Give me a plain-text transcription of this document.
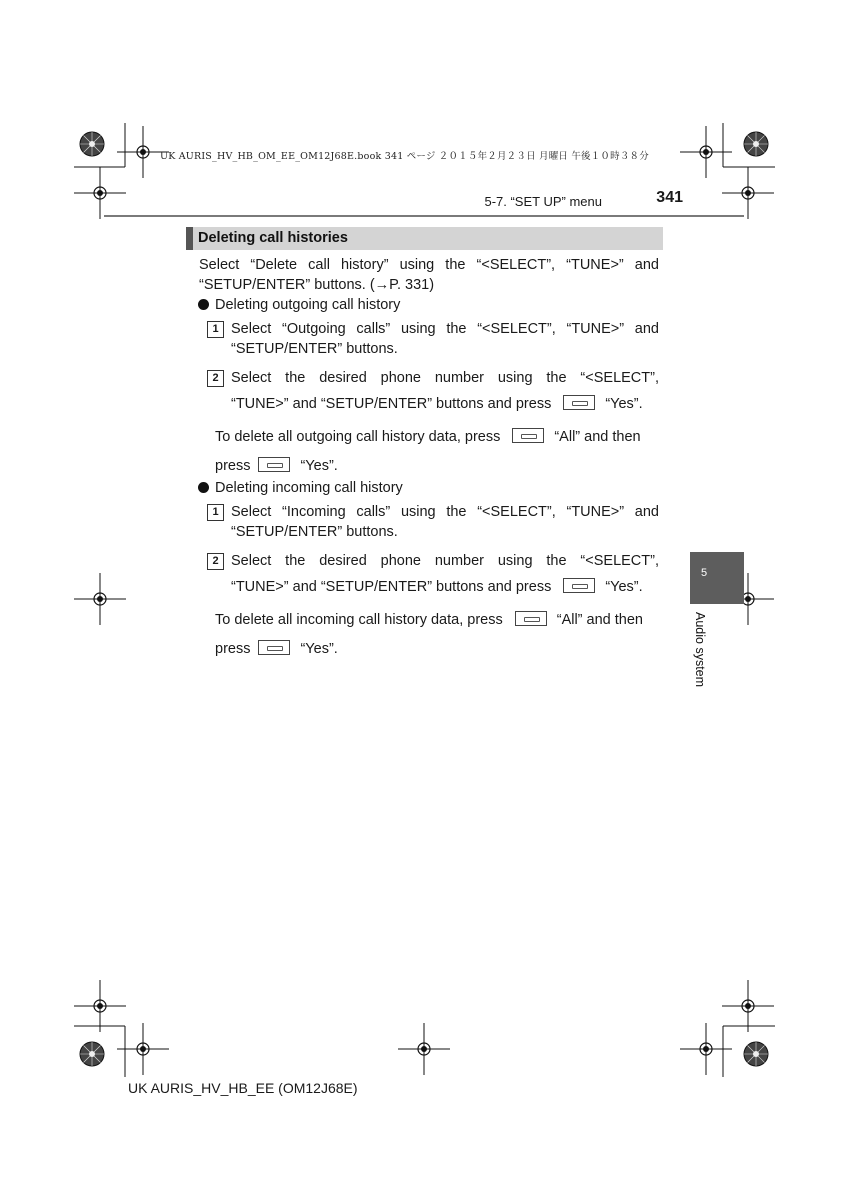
UK AURIS_HV_HB_OM_EE_OM12J68E.book 341 ページ ２０１５年２月２３日 月曜日 午後１０時３８分
5-7. “SET UP” menu	341
Deleting call histories
Select “Delete call history” using the “<SELECT”, “TUNE>” and
“SETUP/ENTER” buttons. (→P. 331)
Deleting outgoing call history
1 Select “Outgoing calls” using the “<SELECT”, “TUNE>” and
“SETUP/ENTER” buttons.
2 Select the desired phone number using the “<SELECT”,
“TUNE>” and “SETUP/ENTER” buttons and press	“Yes”.
To delete all outgoing call history data, press	“All” and then
press	“Yes”.
Deleting incoming call history
1 Select “Incoming calls” using the “<SELECT”, “TUNE>” and
“SETUP/ENTER” buttons.
2 Select the desired phone number using the “<SELECT”,
“TUNE>” and “SETUP/ENTER” buttons and press	“Yes”.
To delete all incoming call history data, press	“All” and then
press	“Yes”.
5
Audio system
UK AURIS_HV_HB_EE (OM12J68E)
